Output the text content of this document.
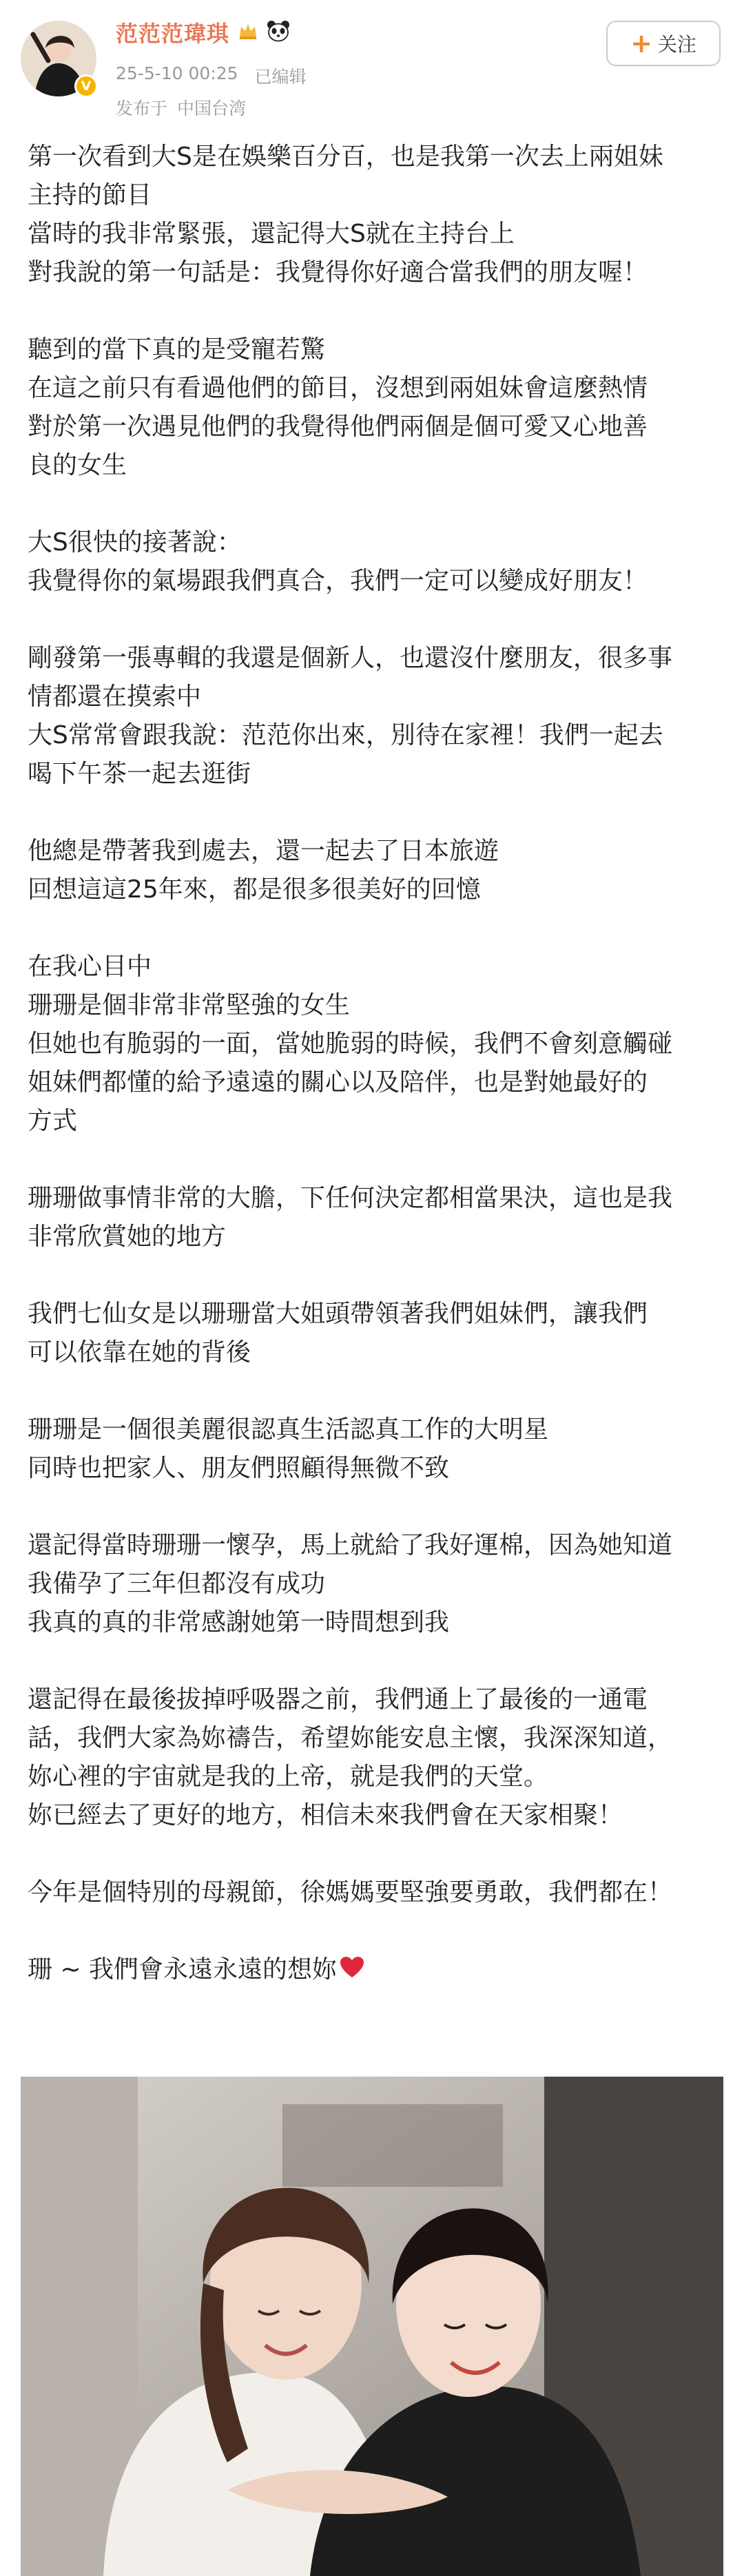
V
范范范瑋琪
25-5-10 00:25 已编辑
发布于 中国台湾
+ 关注
第一次看到大S是在娛樂百分百，也是我第一次去上兩姐妹
主持的節目
當時的我非常緊張，還記得大S就在主持台上
對我說的第一句話是：我覺得你好適合當我們的朋友喔！
聽到的當下真的是受寵若驚
在這之前只有看過他們的節目，沒想到兩姐妹會這麼熱情
對於第一次遇見他們的我覺得他們兩個是個可愛又心地善
良的女生
大S很快的接著說：
我覺得你的氣場跟我們真合，我們一定可以變成好朋友！
剛發第一張專輯的我還是個新人，也還沒什麼朋友，很多事
情都還在摸索中
大S常常會跟我說：范范你出來，別待在家裡！我們一起去
喝下午茶一起去逛街
他總是帶著我到處去，還一起去了日本旅遊
回想這這25年來，都是很多很美好的回憶
在我心目中
珊珊是個非常非常堅強的女生
但她也有脆弱的一面，當她脆弱的時候，我們不會刻意觸碰
姐妹們都懂的給予遠遠的關心以及陪伴，也是對她最好的
方式
珊珊做事情非常的大膽，下任何決定都相當果決，這也是我
非常欣賞她的地方
我們七仙女是以珊珊當大姐頭帶領著我們姐妹們，讓我們
可以依靠在她的背後
珊珊是一個很美麗很認真生活認真工作的大明星
同時也把家人、朋友們照顧得無微不致
還記得當時珊珊一懷孕，馬上就給了我好運棉，因為她知道
我備孕了三年但都沒有成功
我真的真的非常感謝她第一時間想到我
還記得在最後拔掉呼吸器之前，我們通上了最後的一通電
話，我們大家為妳禱告，希望妳能安息主懷，我深深知道，
妳心裡的宇宙就是我的上帝，就是我們的天堂。
妳已經去了更好的地方，相信未來我們會在天家相聚！
今年是個特別的母親節，徐媽媽要堅強要勇敢，我們都在！
珊 ~ 我們會永遠永遠的想妳
